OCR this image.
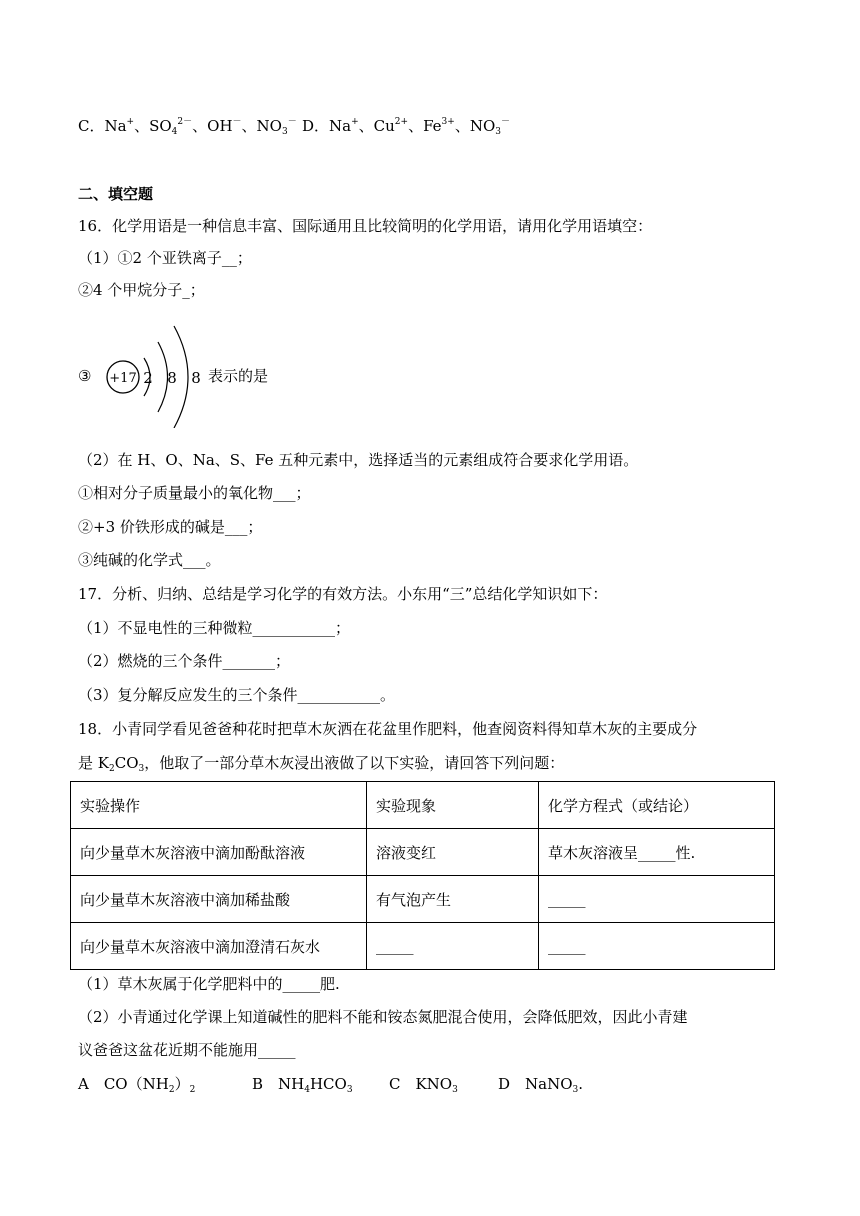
C．Na+、$SO_4^{2-}$、OH－、$NO_3^-$ D．Na+、$Cu^{2+}$、$Fe^{3+}$、$NO_3^-$
二、填空题
16．化学用语是一种信息丰富、国际通用且比较简明的化学用语，请用化学用语填空：
（1）①2 个亚铁离子__；
②4 个甲烷分子_；
③ +17 2 8 8 表示的是
（2）在 H、O、Na、S、Fe 五种元素中，选择适当的元素组成符合要求化学用语。
①相对分子质量最小的氧化物___；
②+3 价铁形成的碱是___；
③纯碱的化学式___。
17．分析、归纳、总结是学习化学的有效方法。小东用“三”总结化学知识如下：
（1）不显电性的三种微粒___________；
（2）燃烧的三个条件_______；
（3）复分解反应发生的三个条件___________。
18．小青同学看见爸爸种花时把草木灰洒在花盆里作肥料，他查阅资料得知草木灰的主要成分
是 $K_2CO_3$，他取了一部分草木灰浸出液做了以下实验，请回答下列问题：
实验操作	实验现象	化学方程式（或结论）
向少量草木灰溶液中滴加酚酞溶液	溶液变红	草木灰溶液呈_____性.
向少量草木灰溶液中滴加稀盐酸	有气泡产生	_____
向少量草木灰溶液中滴加澄清石灰水	_____	_____
（1）草木灰属于化学肥料中的_____肥.
（2）小青通过化学课上知道碱性的肥料不能和铵态氮肥混合使用，会降低肥效，因此小青建
议爸爸这盆花近期不能施用_____
A　$CO(NH_2)_2$	B　$NH_4HCO_3$ C　$KNO_3$	D　NaNO$_3$.
